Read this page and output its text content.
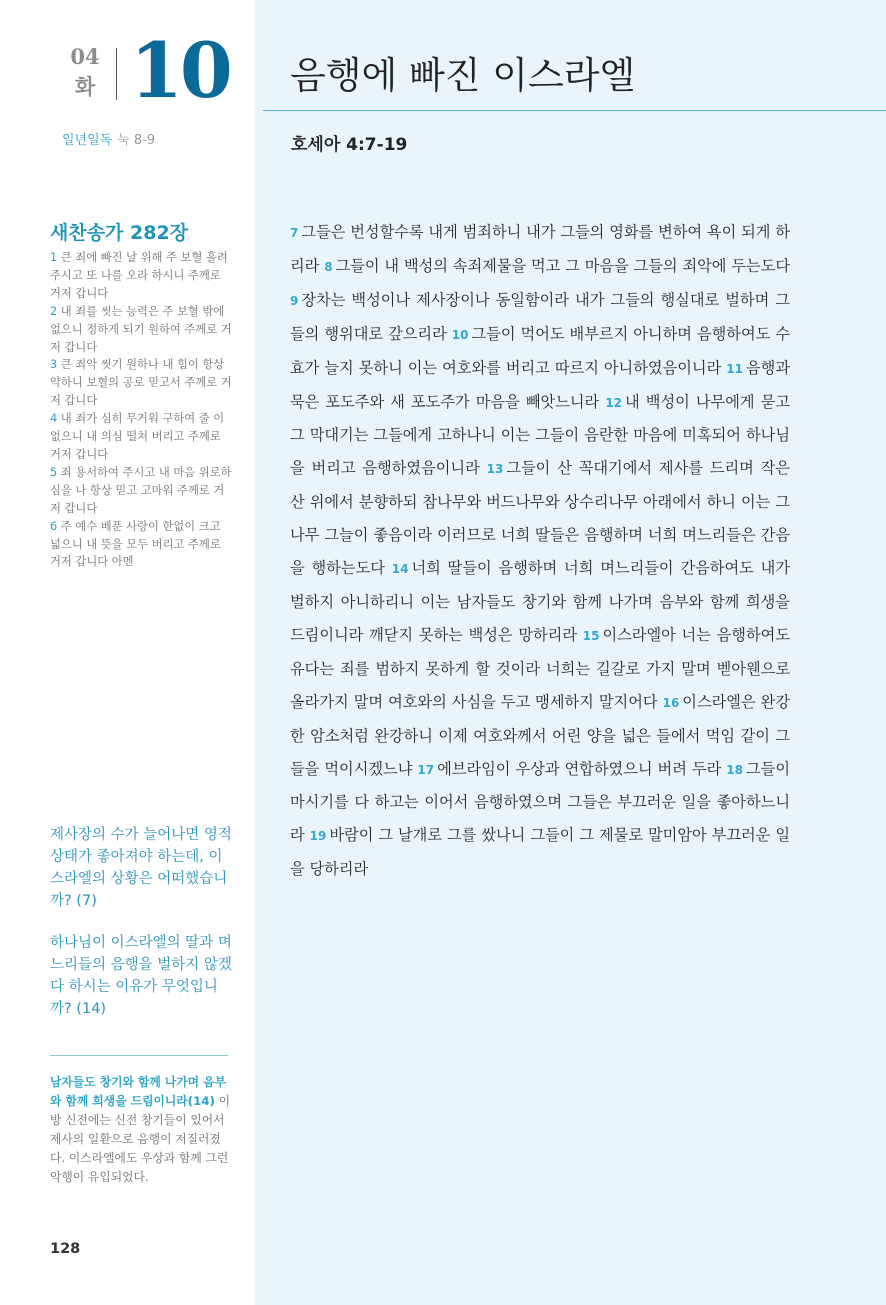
04
화 10
일년일독 눅 8-9
새찬송가 282장

1 큰 죄에 빠진 날 위해 주 보혈 흘려 주시고 또 나를 오라 하시니 주께로 거저 갑니다

2 내 죄를 씻는 능력은 주 보혈 밖에 없으니 정하게 되기 원하여 주께로 거저 갑니다

3 큰 죄악 씻기 원하나 내 힘이 항상 약하니 보혈의 공로 믿고서 주께로 거저 갑니다

4 내 죄가 심히 무거워 구하여 줄 이 없으니 내 의심 떨쳐 버리고 주께로 거저 갑니다

5 죄 용서하여 주시고 내 마음 위로하심을 나 항상 믿고 고마워 주께로 거저 갑니다

6 주 예수 베푼 사랑이 한없이 크고 넓으니 내 뜻을 모두 버리고 주께로 거저 갑니다 아멘

제사장의 수가 늘어나면 영적 상태가 좋아져야 하는데, 이스라엘의 상황은 어떠했습니까? (7)

하나님이 이스라엘의 딸과 며느리들의 음행을 벌하지 않겠다 하시는 이유가 무엇입니까? (14)

남자들도 창기와 함께 나가며 음부와 함께 희생을 드림이니라(14) 이방 신전에는 신전 창기들이 있어서 제사의 일환으로 음행이 저질러졌다. 이스라엘에도 우상과 함께 그런 악행이 유입되었다.
128
음행에 빠진 이스라엘
호세아 4:7-19
7 그들은 번성할수록 내게 범죄하니 내가 그들의 영화를 변하여 욕이 되게 하리라 8 그들이 내 백성의 속죄제물을 먹고 그 마음을 그들의 죄악에 두는도다 9 장차는 백성이나 제사장이나 동일함이라 내가 그들의 행실대로 벌하며 그들의 행위대로 갚으리라 10 그들이 먹어도 배부르지 아니하며 음행하여도 수효가 늘지 못하니 이는 여호와를 버리고 따르지 아니하였음이니라 11 음행과 묵은 포도주와 새 포도주가 마음을 빼앗느니라 12 내 백성이 나무에게 묻고 그 막대기는 그들에게 고하나니 이는 그들이 음란한 마음에 미혹되어 하나님을 버리고 음행하였음이니라 13 그들이 산 꼭대기에서 제사를 드리며 작은 산 위에서 분향하되 참나무와 버드나무와 상수리나무 아래에서 하니 이는 그 나무 그늘이 좋음이라 이러므로 너희 딸들은 음행하며 너희 며느리들은 간음을 행하는도다 14 너희 딸들이 음행하며 너희 며느리들이 간음하여도 내가 벌하지 아니하리니 이는 남자들도 창기와 함께 나가며 음부와 함께 희생을 드림이니라 깨닫지 못하는 백성은 망하리라 15 이스라엘아 너는 음행하여도 유다는 죄를 범하지 못하게 할 것이라 너희는 길갈로 가지 말며 벧아웬으로 올라가지 말며 여호와의 사심을 두고 맹세하지 말지어다 16 이스라엘은 완강한 암소처럼 완강하니 이제 여호와께서 어린 양을 넓은 들에서 먹임 같이 그들을 먹이시겠느냐 17 에브라임이 우상과 연합하였으니 버려 두라 18 그들이 마시기를 다 하고는 이어서 음행하였으며 그들은 부끄러운 일을 좋아하느니라 19 바람이 그 날개로 그를 쌌나니 그들이 그 제물로 말미암아 부끄러운 일을 당하리라
